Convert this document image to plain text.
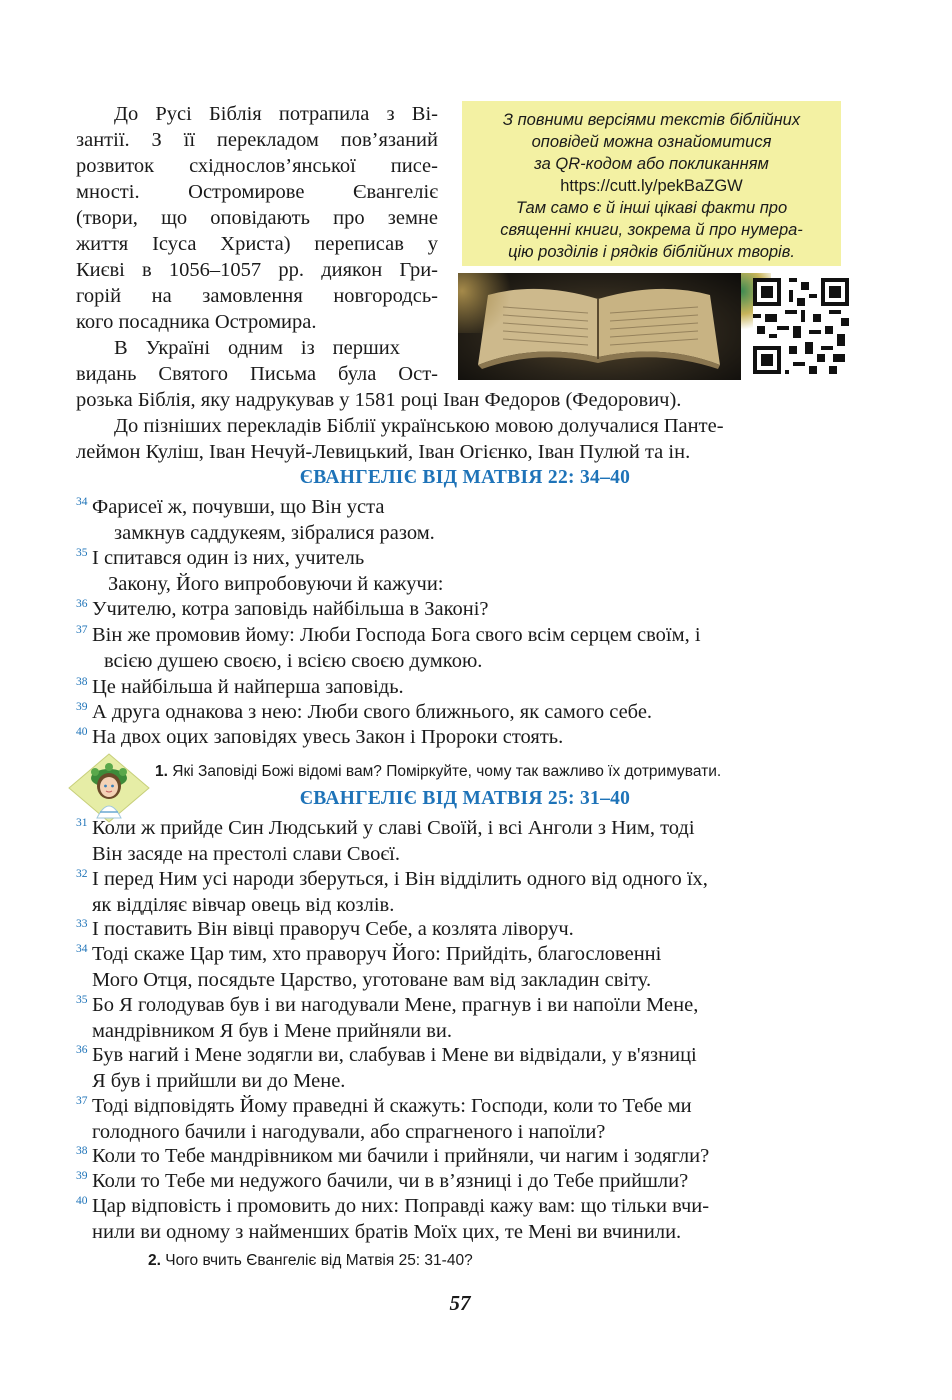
До Русі Біблія потрапила з Ві-
зантії. З її перекладом пов’язаний
розвиток східнослов’янської писе-
мності. Остромирове Євангеліє
(твори, що оповідають про земне
життя Ісуса Христа) переписав у
Києві в 1056–1057 рр. диякон Гри-
горій на замовлення новгородсь-
кого посадника Остромира.
В Україні одним із перших
видань Святого Письма була Ост-
розька Біблія, яку надрукував у 1581 році Іван Федоров (Федорович).
До пізніших перекладів Біблії українською мовою долучалися Пантe-
леймон Куліш, Іван Нечуй-Левицький, Іван Огієнко, Іван Пулюй та ін.
З повними версіями текстів біблійних
оповідей можна ознайомитися
за QR-кодом або покликанням
https://cutt.ly/pekBaZGW
Там само є й інші цікаві факти про
священні книги, зокрема й про нумера-
цію розділів і рядків біблійних творів.
ЄВАНГЕЛІЄ ВІД МАТВІЯ 22: 34–40
34 Фарисеї ж, почувши, що Він уста
замкнув саддукеям, зібралися разом.
35 І спитався один із них, учитель
Закону, Його випробовуючи й кажучи:
36 Учителю, котра заповідь найбільша в Законі?
37 Він же промовив йому: Люби Господа Бога свого всім серцем своїм, і
всією душею своєю, і всією своєю думкою.
38 Це найбільша й найперша заповідь.
39 А друга однакова з нею: Люби свого ближнього, як самого себе.
40 На двох оцих заповідях увесь Закон і Пророки стоять.
1. Які Заповіді Божі відомі вам? Поміркуйте, чому так важливо їх дотримувати.
ЄВАНГЕЛІЄ ВІД МАТВІЯ 25: 31–40
31 Коли ж прийде Син Людський у славі Своїй, і всі Анголи з Ним, тоді
Він засяде на престолі слави Своєї.
32 І перед Ним усі народи зберуться, і Він відділить одного від одного їх,
як відділяє вівчар овець від козлів.
33 І поставить Він вівці праворуч Себе, а козлята ліворуч.
34 Тоді скаже Цар тим, хто праворуч Його: Прийдіть, благословенні
Мого Отця, посядьте Царство, уготоване вам від закладин світу.
35 Бо Я голодував був і ви нагодували Мене, прагнув і ви напоїли Мене,
мандрівником Я був і Мене прийняли ви.
36 Був нагий і Мене зодягли ви, слабував і Мене ви відвідали, у в'язниці
Я був і прийшли ви до Мене.
37 Тоді відповідять Йому праведні й скажуть: Господи, коли то Тебе ми
голодного бачили і нагодували, або спрагненого і напоїли?
38 Коли то Тебе мандрівником ми бачили і прийняли, чи нагим і зодягли?
39 Коли то Тебе ми недужого бачили, чи в в’язниці і до Тебе прийшли?
40 Цар відповість і промовить до них: Поправді кажу вам: що тільки вчи-
нили ви одному з найменших братів Моїх цих, те Мені ви вчинили.
2. Чого вчить Євангеліє від Матвія 25: 31-40?
57
